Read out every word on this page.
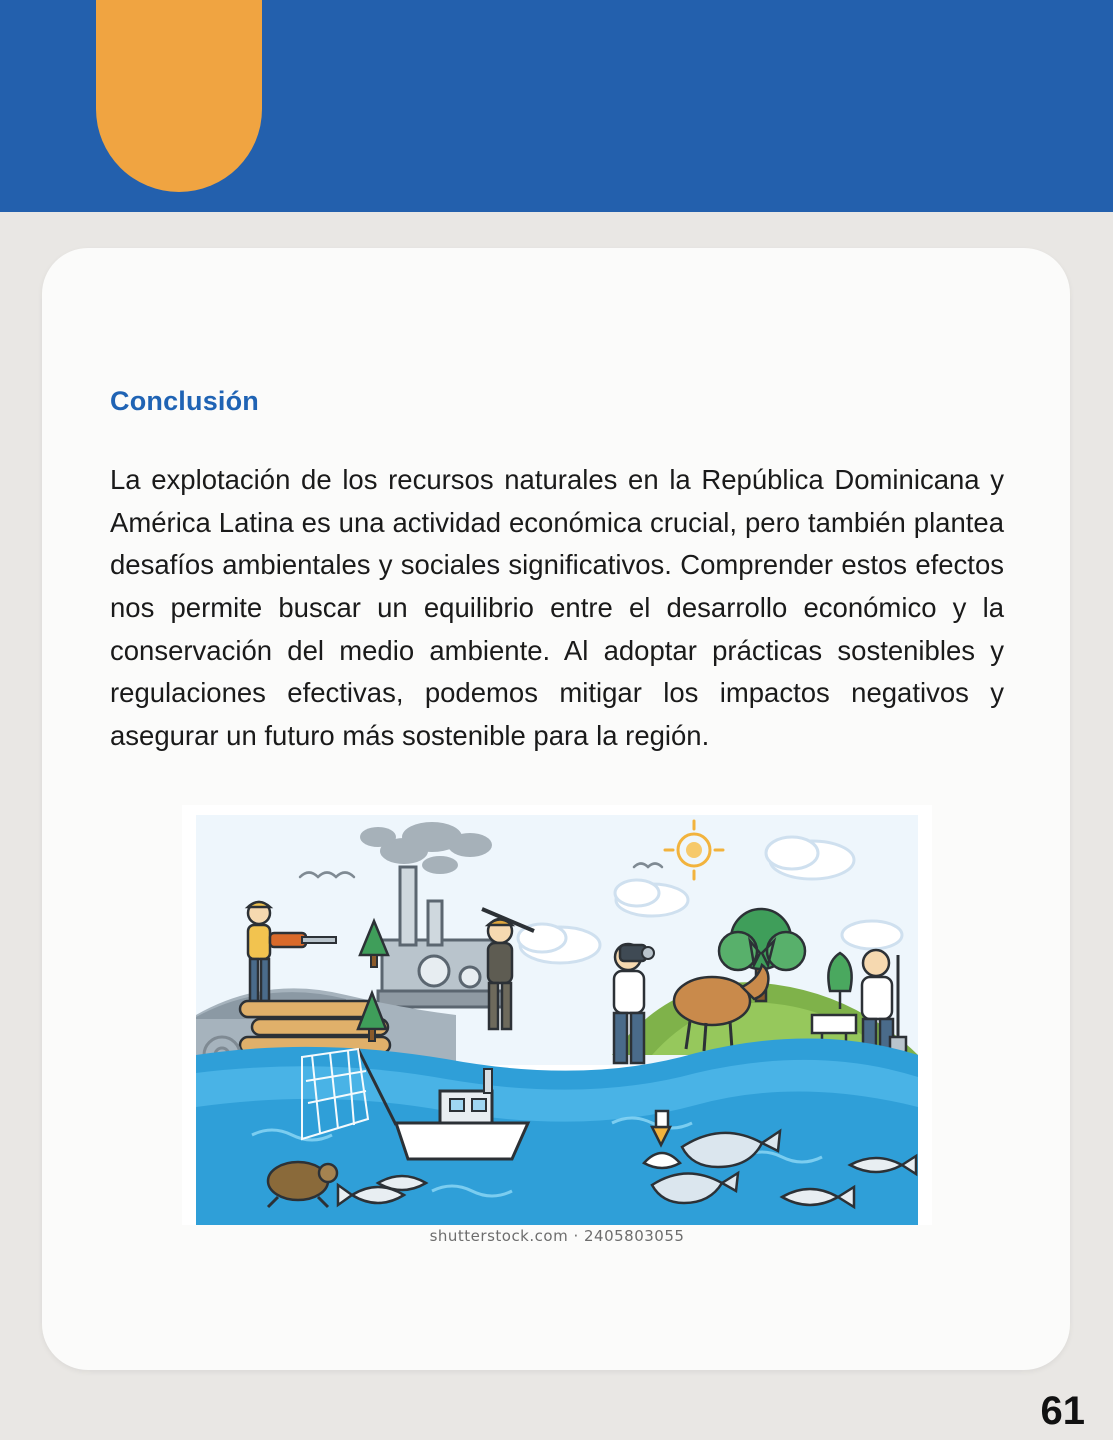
Conclusión

La explotación de los recursos naturales en la República Dominicana y América Latina es una actividad económica crucial, pero también plantea desafíos ambientales y sociales significativos. Comprender estos efectos nos permite buscar un equilibrio entre el desarrollo económico y la conservación del medio ambiente. Al adoptar prácticas sostenibles y regulaciones efectivas, podemos mitigar los impactos negativos y asegurar un futuro más sostenible para la región.

shutterstock.com · 2405803055
61
